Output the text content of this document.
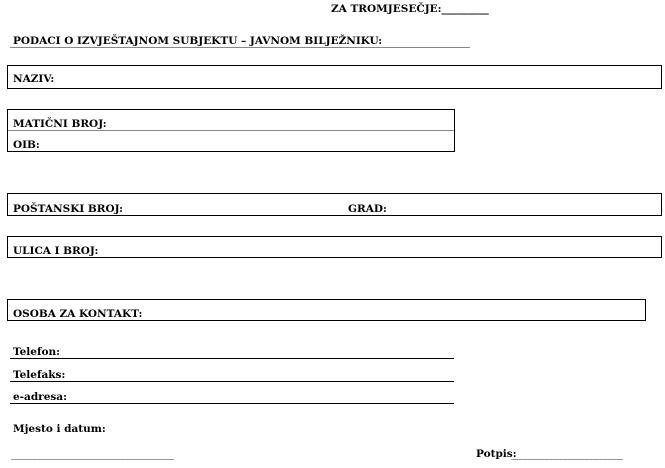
ZA TROMJESEČJE:_________
PODACI O IZVJEŠTAJNOM SUBJEKTU – JAVNOM BILJEŽNIKU:
NAZIV:
MATIČNI BROJ:
OIB:
POŠTANSKI BROJ:	GRAD:
ULICA I BROJ:
OSOBA ZA KONTAKT:
Telefon:
Telefaks:
e-adresa:
Mjesto i datum:
___________________________________	Potpis:
_________________________
